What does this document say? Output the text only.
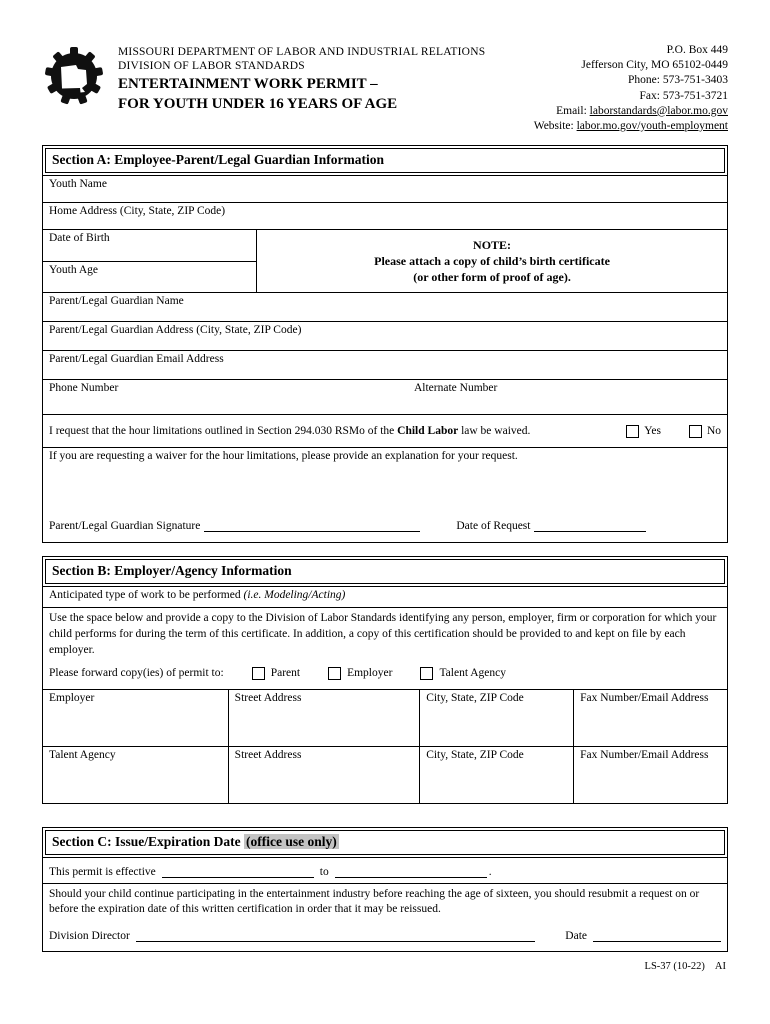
MISSOURI DEPARTMENT OF LABOR AND INDUSTRIAL RELATIONS
DIVISION OF LABOR STANDARDS
ENTERTAINMENT WORK PERMIT –
FOR YOUTH UNDER 16 YEARS OF AGE
P.O. Box 449
Jefferson City, MO 65102-0449
Phone: 573-751-3403
Fax: 573-751-3721
Email: laborstandards@labor.mo.gov
Website: labor.mo.gov/youth-employment
Section A: Employee-Parent/Legal Guardian Information
Youth Name
Home Address (City, State, ZIP Code)
Date of Birth
Youth Age
NOTE:
Please attach a copy of child’s birth certificate
(or other form of proof of age).
Parent/Legal Guardian Name
Parent/Legal Guardian Address (City, State, ZIP Code)
Parent/Legal Guardian Email Address
Phone Number	Alternate Number
I request that the hour limitations outlined in Section 294.030 RSMo of the Child Labor law be waived.	Yes	No
If you are requesting a waiver for the hour limitations, please provide an explanation for your request.
Parent/Legal Guardian Signature	Date of Request
Section B: Employer/Agency Information
Anticipated type of work to be performed (i.e. Modeling/Acting)

Use the space below and provide a copy to the Division of Labor Standards identifying any person, employer, firm or corporation for which your child performs for during the term of this certificate. In addition, a copy of this certification should be provided to and kept on file by each employer.

Please forward copy(ies) of permit to:	Parent	Employer	Talent Agency
Employer	Street Address	City, State, ZIP Code	Fax Number/Email Address
Talent Agency	Street Address	City, State, ZIP Code	Fax Number/Email Address
Section C: Issue/Expiration Date (office use only)
This permit is effective	to	.
Should your child continue participating in the entertainment industry before reaching the age of sixteen, you should resubmit a request on or before the expiration date of this written certification in order that it may be reissued.
Division Director	Date
LS-37 (10-22) AI
